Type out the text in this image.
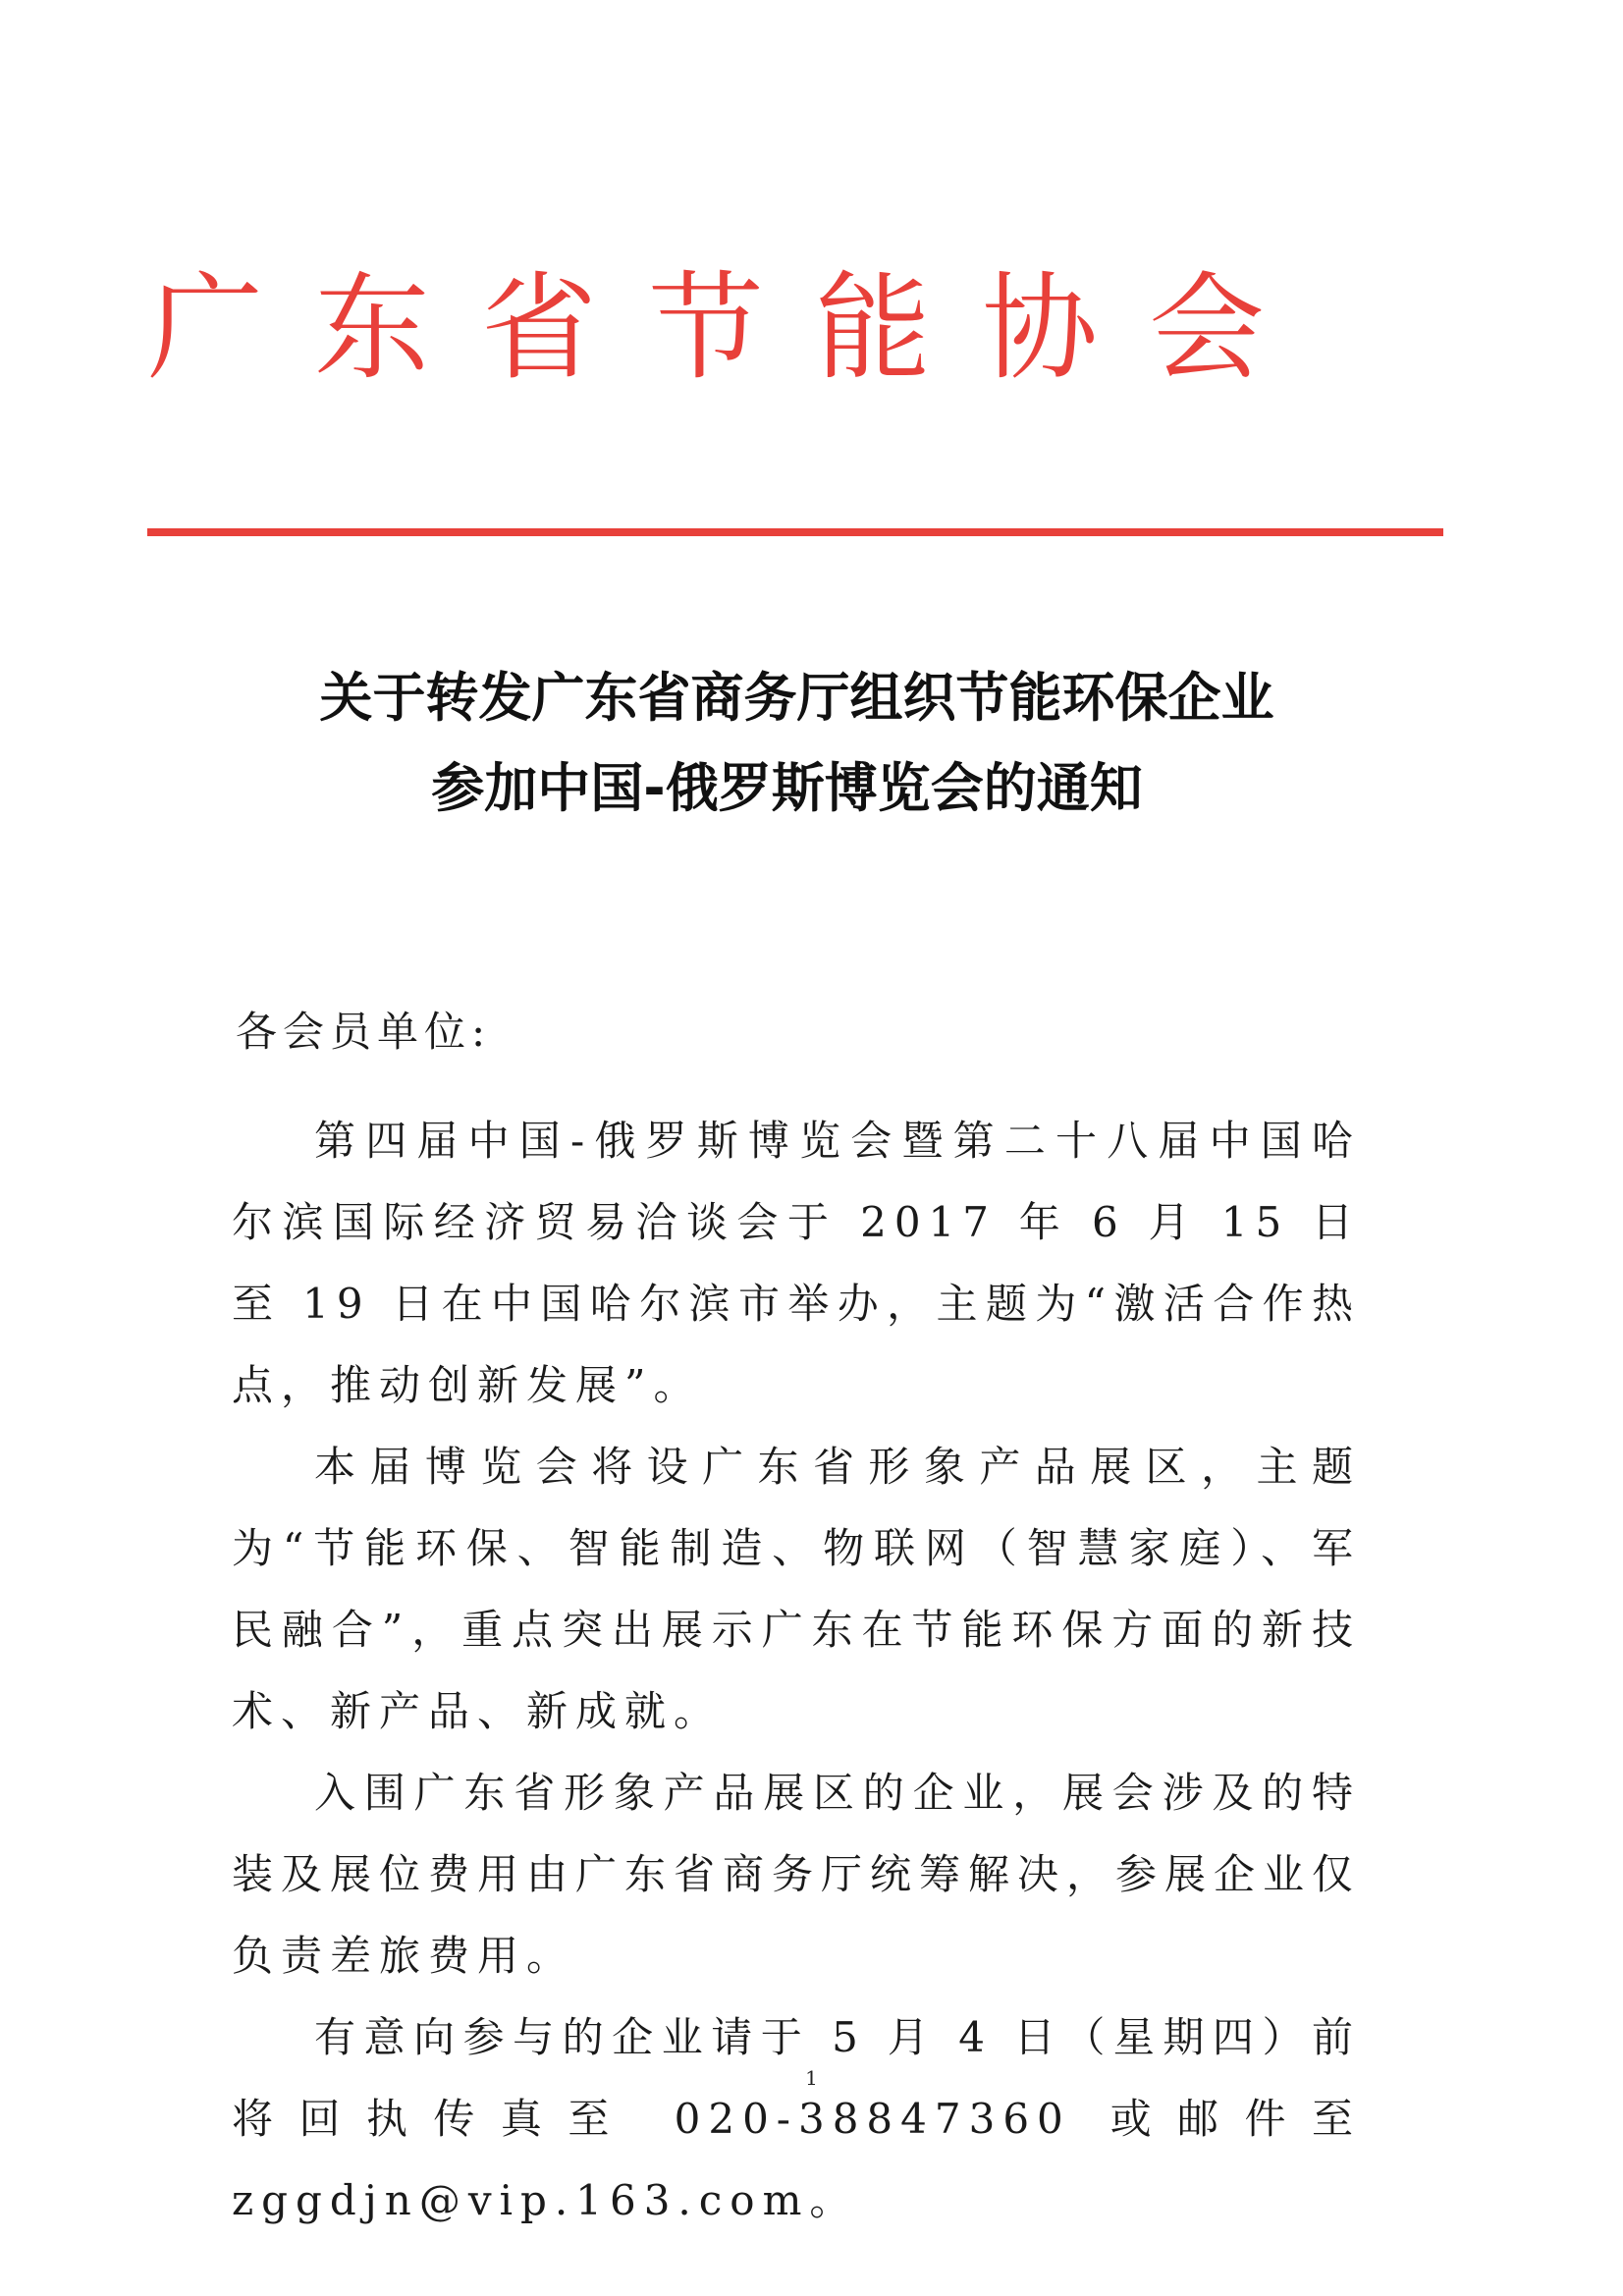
广东省节能协会
关于转发广东省商务厅组织节能环保企业
参加中国-俄罗斯博览会的通知
各会员单位:

第四届中国-俄罗斯博览会暨第二十八届中国哈尔滨国际经济贸易洽谈会于 2017 年 6 月 15 日至 19 日在中国哈尔滨市举办，主题为“激活合作热点，推动创新发展”。

本届博览会将设广东省形象产品展区，主题为“节能环保、智能制造、物联网（智慧家庭）、军民融合”，重点突出展示广东在节能环保方面的新技术、新产品、新成就。

入围广东省形象产品展区的企业，展会涉及的特装及展位费用由广东省商务厅统筹解决，参展企业仅负责差旅费用。

有意向参与的企业请于 5 月 4 日（星期四）前将回执传真至 020-38847360 或邮件至 zggdjn@vip.163.com。

1
